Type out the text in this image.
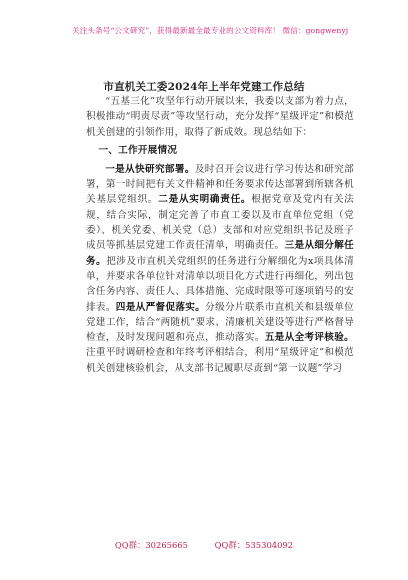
关注头条号“公文研究”，获得最新最全最专业的公文资料库！ 微信：gongwenyj
市直机关工委2024年上半年党建工作总结

“五基三化”攻坚年行动开展以来，我委以支部为着力点，积极推动“明责尽责”等攻坚行动，充分发挥“星级评定”和模范机关创建的引领作用，取得了新成效。现总结如下：

一、工作开展情况

一是从快研究部署。及时召开会议进行学习传达和研究部署，第一时间把有关文件精神和任务要求传达部署到所辖各机关基层党组织。二是从实明确责任。根据党章及党内有关法规，结合实际，制定完善了市直工委以及市直单位党组（党委）、机关党委、机关党（总）支部和对应党组织书记及班子成员等抓基层党建工作责任清单，明确责任。三是从细分解任务。把涉及市直机关党组织的任务进行分解细化为x项具体清单，并要求各单位针对清单以项目化方式进行再细化，列出包含任务内容、责任人、具体措施、完成时限等可逐项销号的安排表。四是从严督促落实。分级分片联系市直机关和县级单位党建工作，结合“两随机”要求、清廉机关建设等进行严格督导检查，及时发现问题和亮点，推动落实。五是从全考评核验。注重平时调研检查和年终考评相结合，利用“星级评定”和模范机关创建核验机会，从支部书记履职尽责到“第一议题”学习

QQ群：30265665	QQ群：535304092
